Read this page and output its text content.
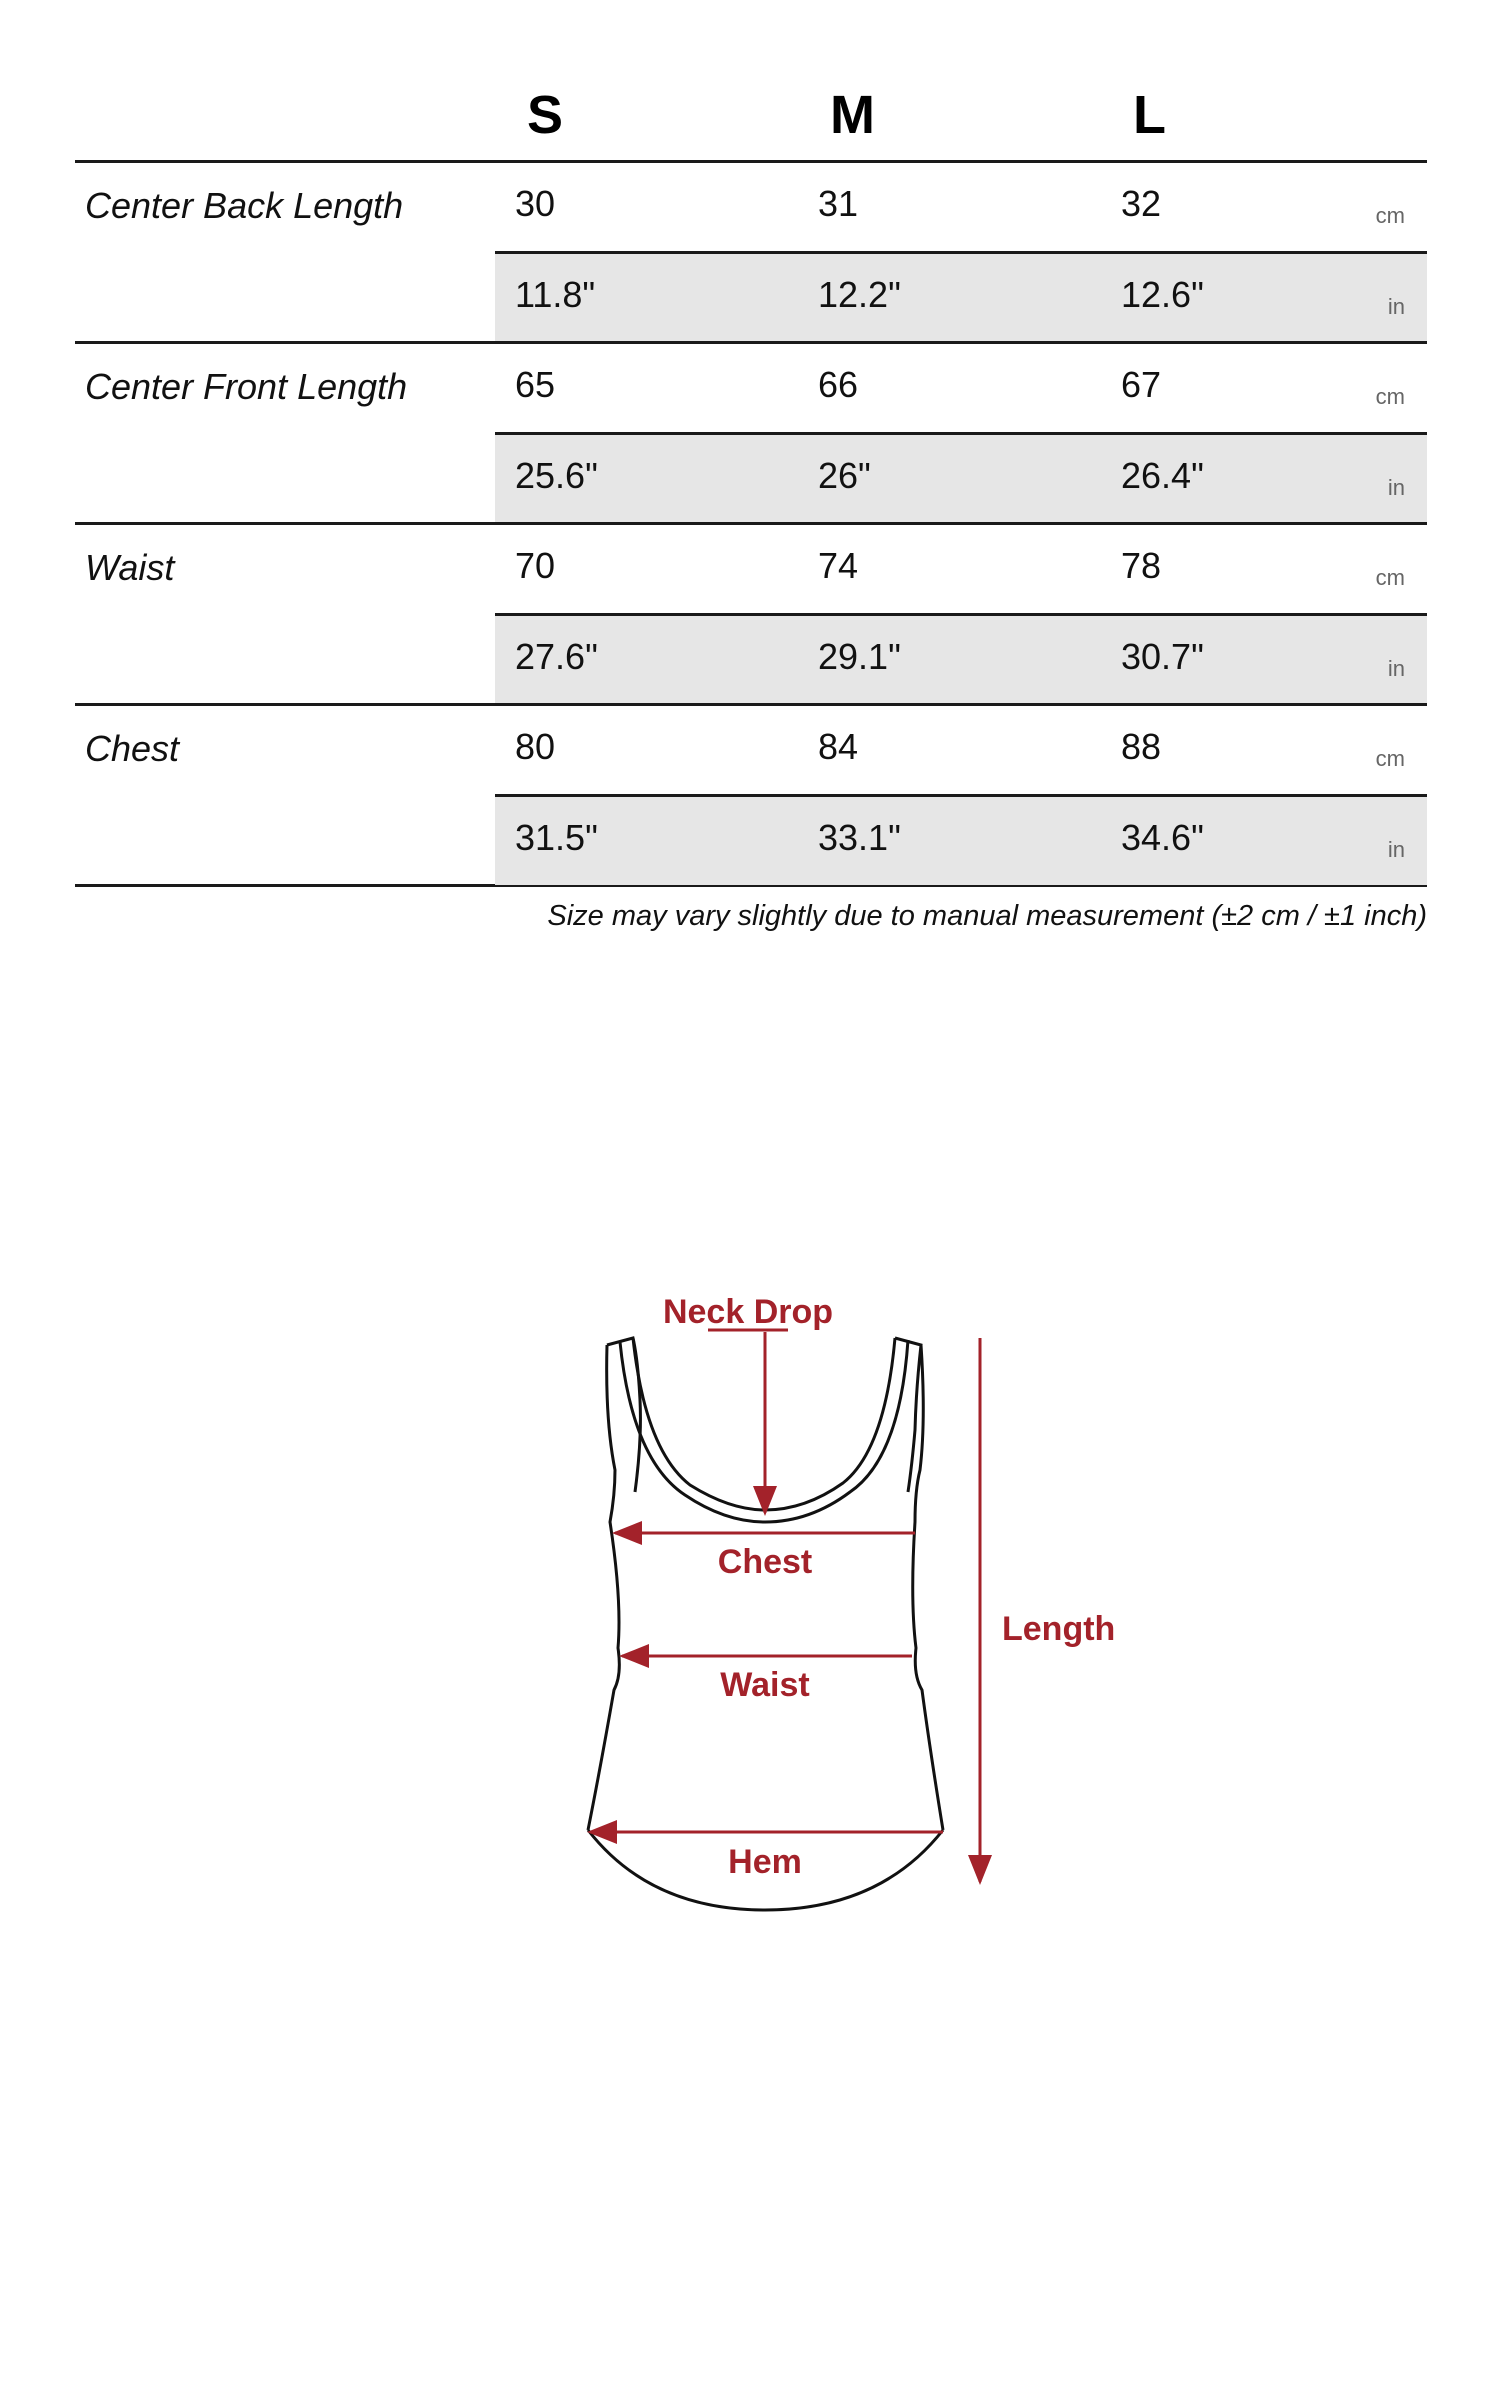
S	M	L
Center Back Length	30	31	32	cm
11.8"	12.2"	12.6"	in
Center Front Length	65	66	67	cm
25.6"	26"	26.4"	in
Waist	70	74	78	cm
27.6"	29.1"	30.7"	in
Chest	80	84	88	cm
31.5"	33.1"	34.6"	in
Size may vary slightly due to manual measurement (±2 cm / ±1 inch)
Neck Drop
Chest
Waist
Hem
Length
